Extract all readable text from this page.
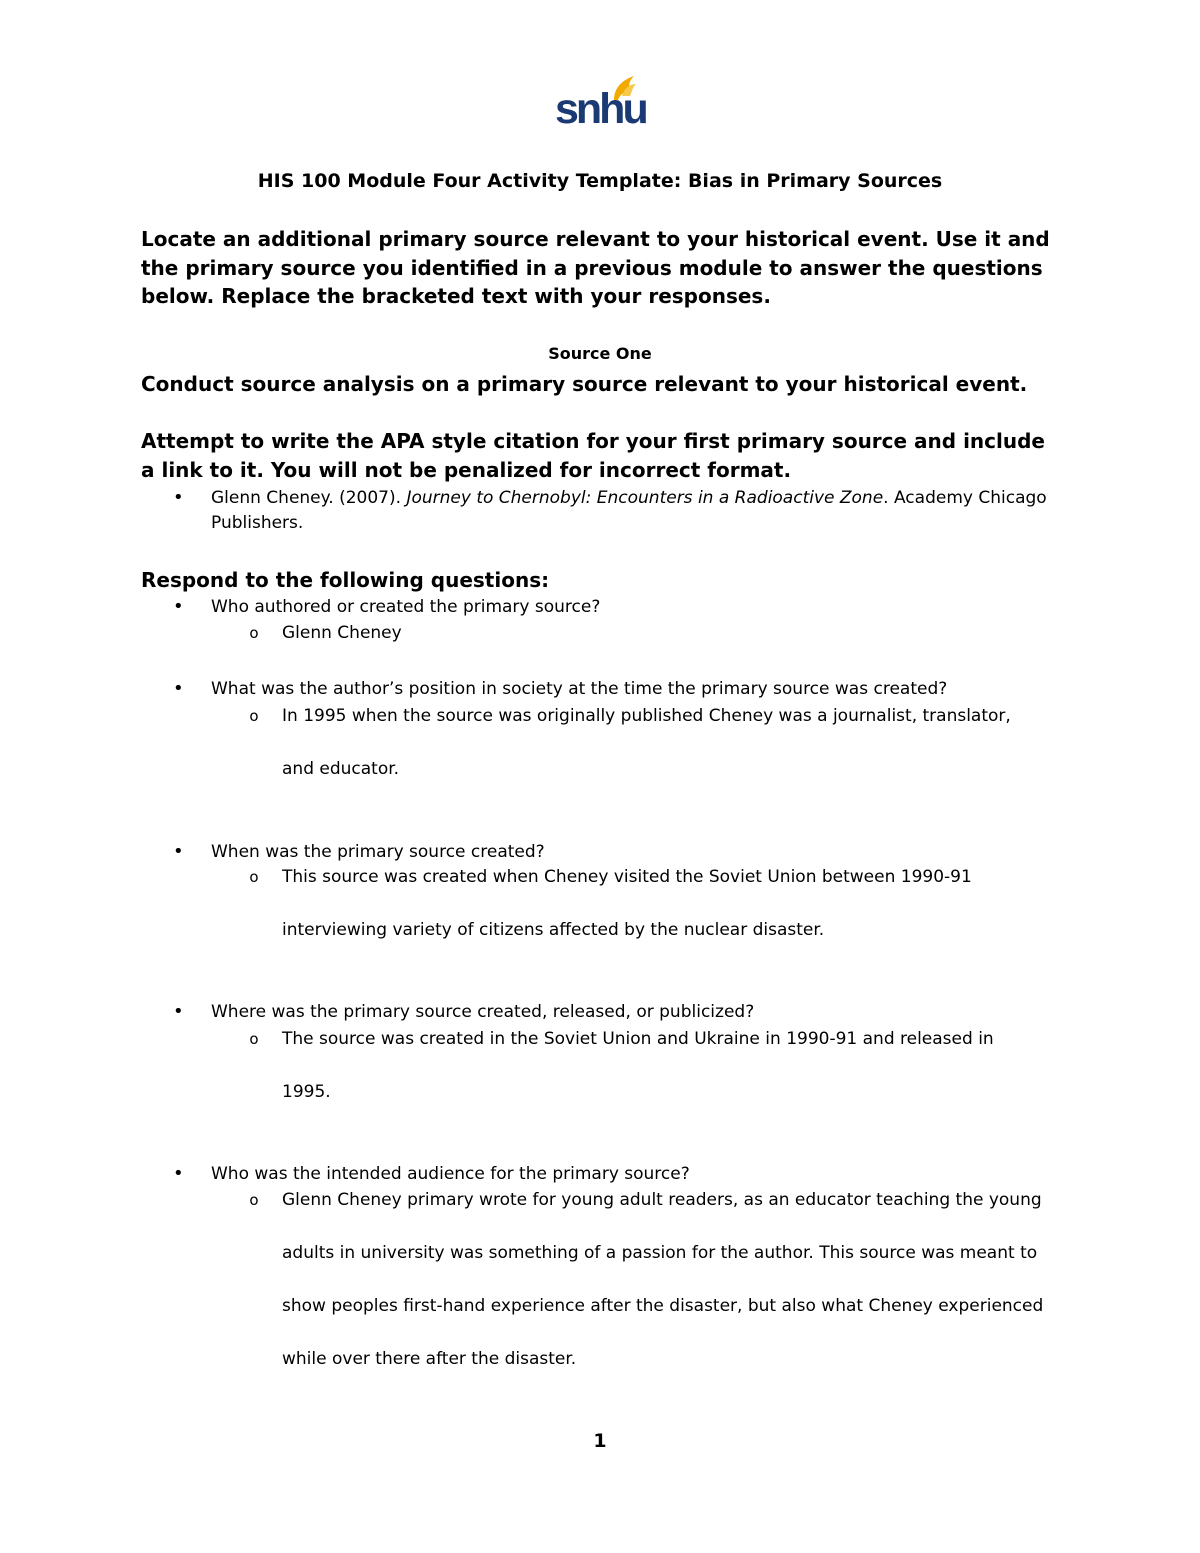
snhu
HIS 100 Module Four Activity Template: Bias in Primary Sources
Locate an additional primary source relevant to your historical event. Use it and the primary source you identified in a previous module to answer the questions below. Replace the bracketed text with your responses.
Source One
Conduct source analysis on a primary source relevant to your historical event.
Attempt to write the APA style citation for your first primary source and include a link to it. You will not be penalized for incorrect format.
• Glenn Cheney. (2007). Journey to Chernobyl: Encounters in a Radioactive Zone. Academy Chicago Publishers.
Respond to the following questions:
• Who authored or created the primary source?
o Glenn Cheney
• What was the author’s position in society at the time the primary source was created?
o In 1995 when the source was originally published Cheney was a journalist, translator,
and educator.
• When was the primary source created?
o This source was created when Cheney visited the Soviet Union between 1990-91
interviewing variety of citizens affected by the nuclear disaster.
• Where was the primary source created, released, or publicized?
o The source was created in the Soviet Union and Ukraine in 1990-91 and released in
1995.
• Who was the intended audience for the primary source?
o Glenn Cheney primary wrote for young adult readers, as an educator teaching the young
adults in university was something of a passion for the author. This source was meant to
show peoples first-hand experience after the disaster, but also what Cheney experienced
while over there after the disaster.
1
